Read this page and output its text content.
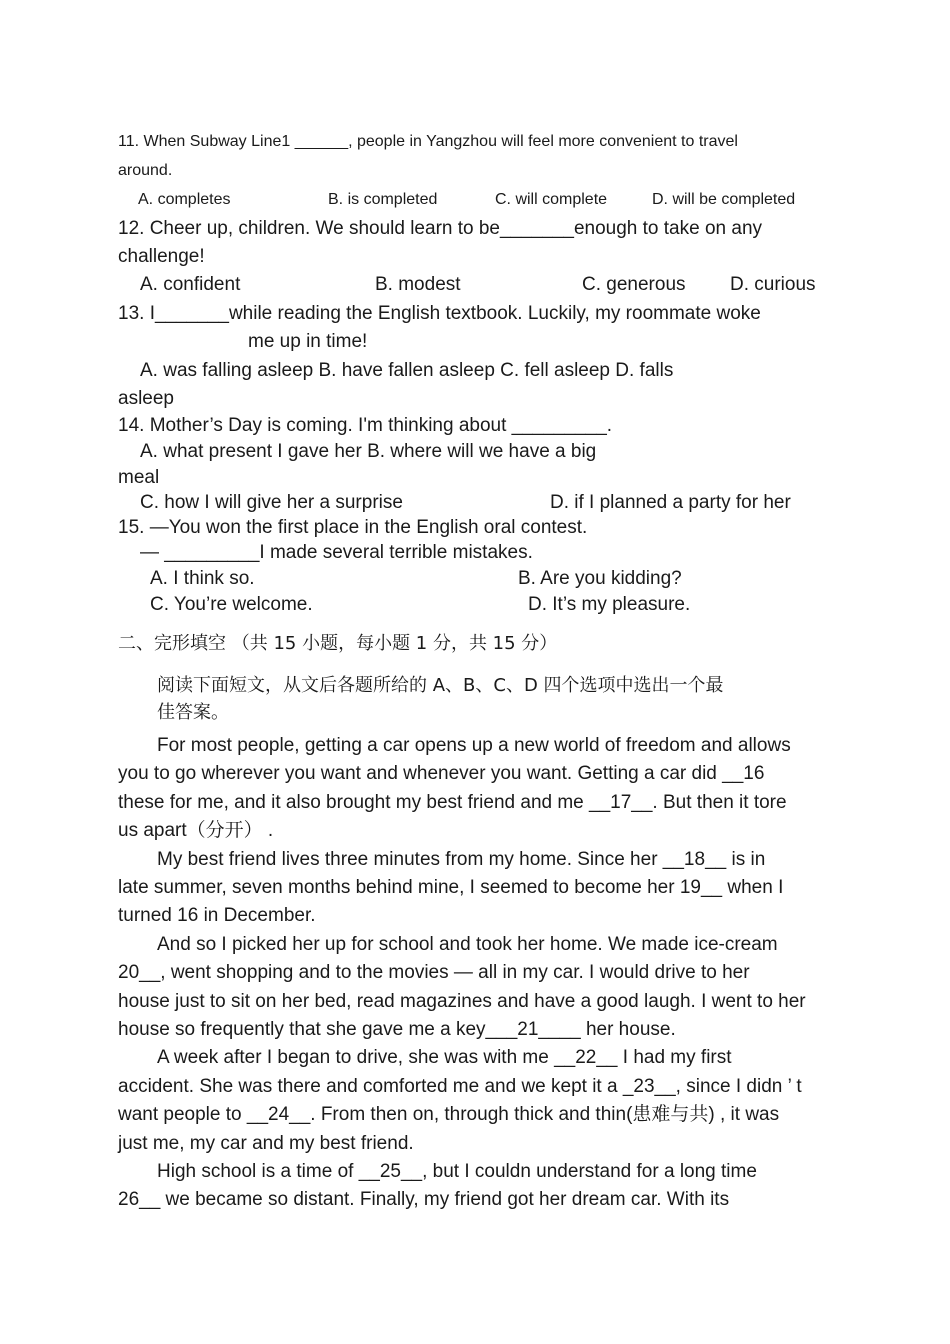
11. When Subway Line1 ______, people in Yangzhou will feel more convenient to travel
around.
A. completes	B. is completed	C. will complete	D. will be completed
12. Cheer up, children. We should learn to be_______enough to take on any
challenge!
A. confident	B. modest	C. generous D. curious
13. I_______while reading the English textbook. Luckily, my roommate woke
me up in time!
A. was falling asleep B. have fallen asleep C. fell asleep D. falls
asleep
14. Mother’s Day is coming. I'm thinking about _________.
A. what present I gave her B. where will we have a big
meal
C. how I will give her a surprise	D. if I planned a party for her
15. —You won the first place in the English oral contest.
— _________I made several terrible mistakes.
A. I think so.	B. Are you kidding?
C. You’re welcome.	D. It’s my pleasure.
二、完形填空 （共 15 小题，每小题 1 分，共 15 分）
阅读下面短文，从文后各题所给的 A、B、C、D 四个选项中选出一个最
佳答案。
For most people, getting a car opens up a new world of freedom and allows
you to go wherever you want and whenever you want. Getting a car did __16
these for me, and it also brought my best friend and me __17__. But then it tore
us apart（分开） .
My best friend lives three minutes from my home. Since her __18__ is in
late summer, seven months behind mine, I seemed to become her 19__ when I
turned 16 in December.
And so I picked her up for school and took her home. We made ice-cream
20__, went shopping and to the movies — all in my car. I would drive to her
house just to sit on her bed, read magazines and have a good laugh. I went to her
house so frequently that she gave me a key___21____ her house.
A week after I began to drive, she was with me __22__ I had my first
accident. She was there and comforted me and we kept it a _23__, since I didn ’ t
want people to __24__. From then on, through thick and thin(患难与共) , it was
just me, my car and my best friend.
High school is a time of __25__, but I couldn understand for a long time
26__ we became so distant. Finally, my friend got her dream car. With its
